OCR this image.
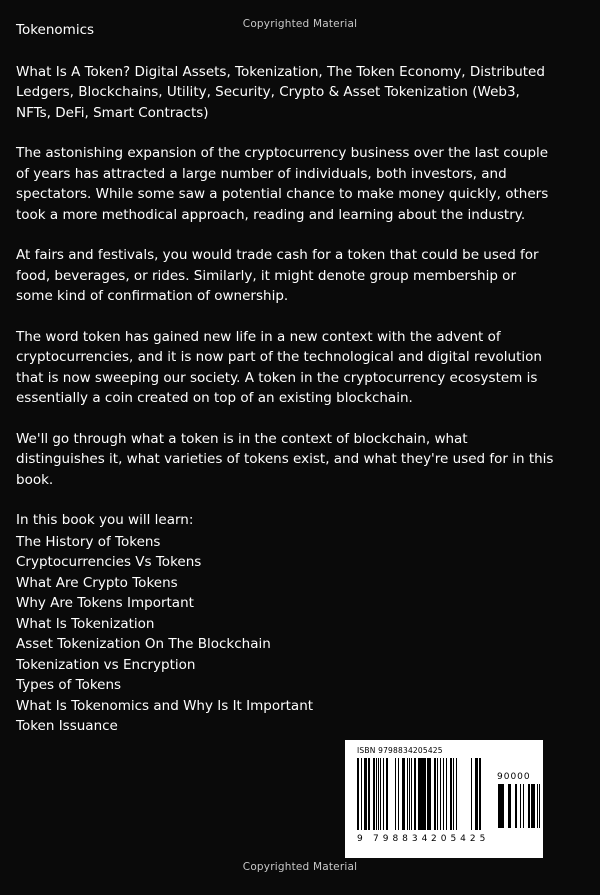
Copyrighted Material
Tokenomics
What Is A Token? Digital Assets, Tokenization, The Token Economy, Distributed Ledgers, Blockchains, Utility, Security, Crypto & Asset Tokenization (Web3, NFTs, DeFi, Smart Contracts)

The astonishing expansion of the cryptocurrency business over the last couple of years has attracted a large number of individuals, both investors, and spectators. While some saw a potential chance to make money quickly, others took a more methodical approach, reading and learning about the industry.

At fairs and festivals, you would trade cash for a token that could be used for food, beverages, or rides. Similarly, it might denote group membership or some kind of confirmation of ownership.

The word token has gained new life in a new context with the advent of cryptocurrencies, and it is now part of the technological and digital revolution that is now sweeping our society. A token in the cryptocurrency ecosystem is essentially a coin created on top of an existing blockchain.

We'll go through what a token is in the context of blockchain, what distinguishes it, what varieties of tokens exist, and what they're used for in this book.

In this book you will learn:
The History of Tokens
Cryptocurrencies Vs Tokens
What Are Crypto Tokens
Why Are Tokens Important
What Is Tokenization
Asset Tokenization On The Blockchain
Tokenization vs Encryption
Types of Tokens
What Is Tokenomics and Why Is It Important
Token Issuance
ISBN 9798834205425
90000
9 798834 205425
Copyrighted Material
